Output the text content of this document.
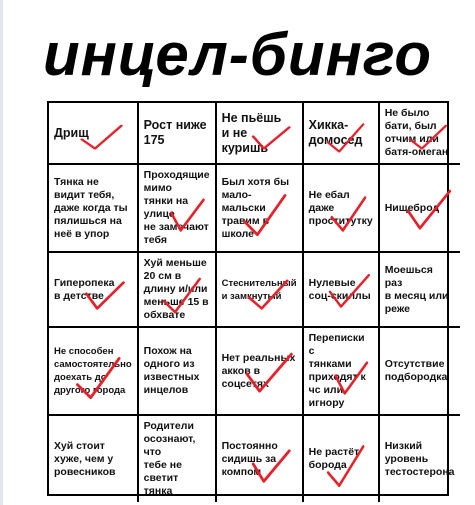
инцел-бинго
Дрищ
Рост ниже
175
Не пьёшь
и не
куришь
Хикка-
домосед
Не было
бати, был
отчим или
батя-омеган
Тянка не
видит тебя,
даже когда ты
пялишься на
неё в упор
Проходящие
мимо
тянки на улице
не замечают
тебя
Был хотя бы
мало-
мальски
травим в
школе
Не ебал
даже
проститутку
Нищеброд
Гиперопека
в детстве
Хуй меньше
20 см в
длину и/или
меньше 15 в
обхвате
Стеснительный
и замкнутый
Нулевые
соц-скиллы
Моешься
раз
в месяц или
реже
Не способен
самостоятельно
доехать до
другого города
Похож на
одного из
известных
инцелов
Нет реальных
акков в
соцсетях
Переписки с
тянками
приходят к
чс или
игнору
Отсутствие
подбородка
Хуй стоит
хуже, чем у
ровесников
Родители
осознают, что
тебе не светит
тянка
Постоянно
сидишь за
компом
Не растёт
борода
Низкий
уровень
тестостерона
